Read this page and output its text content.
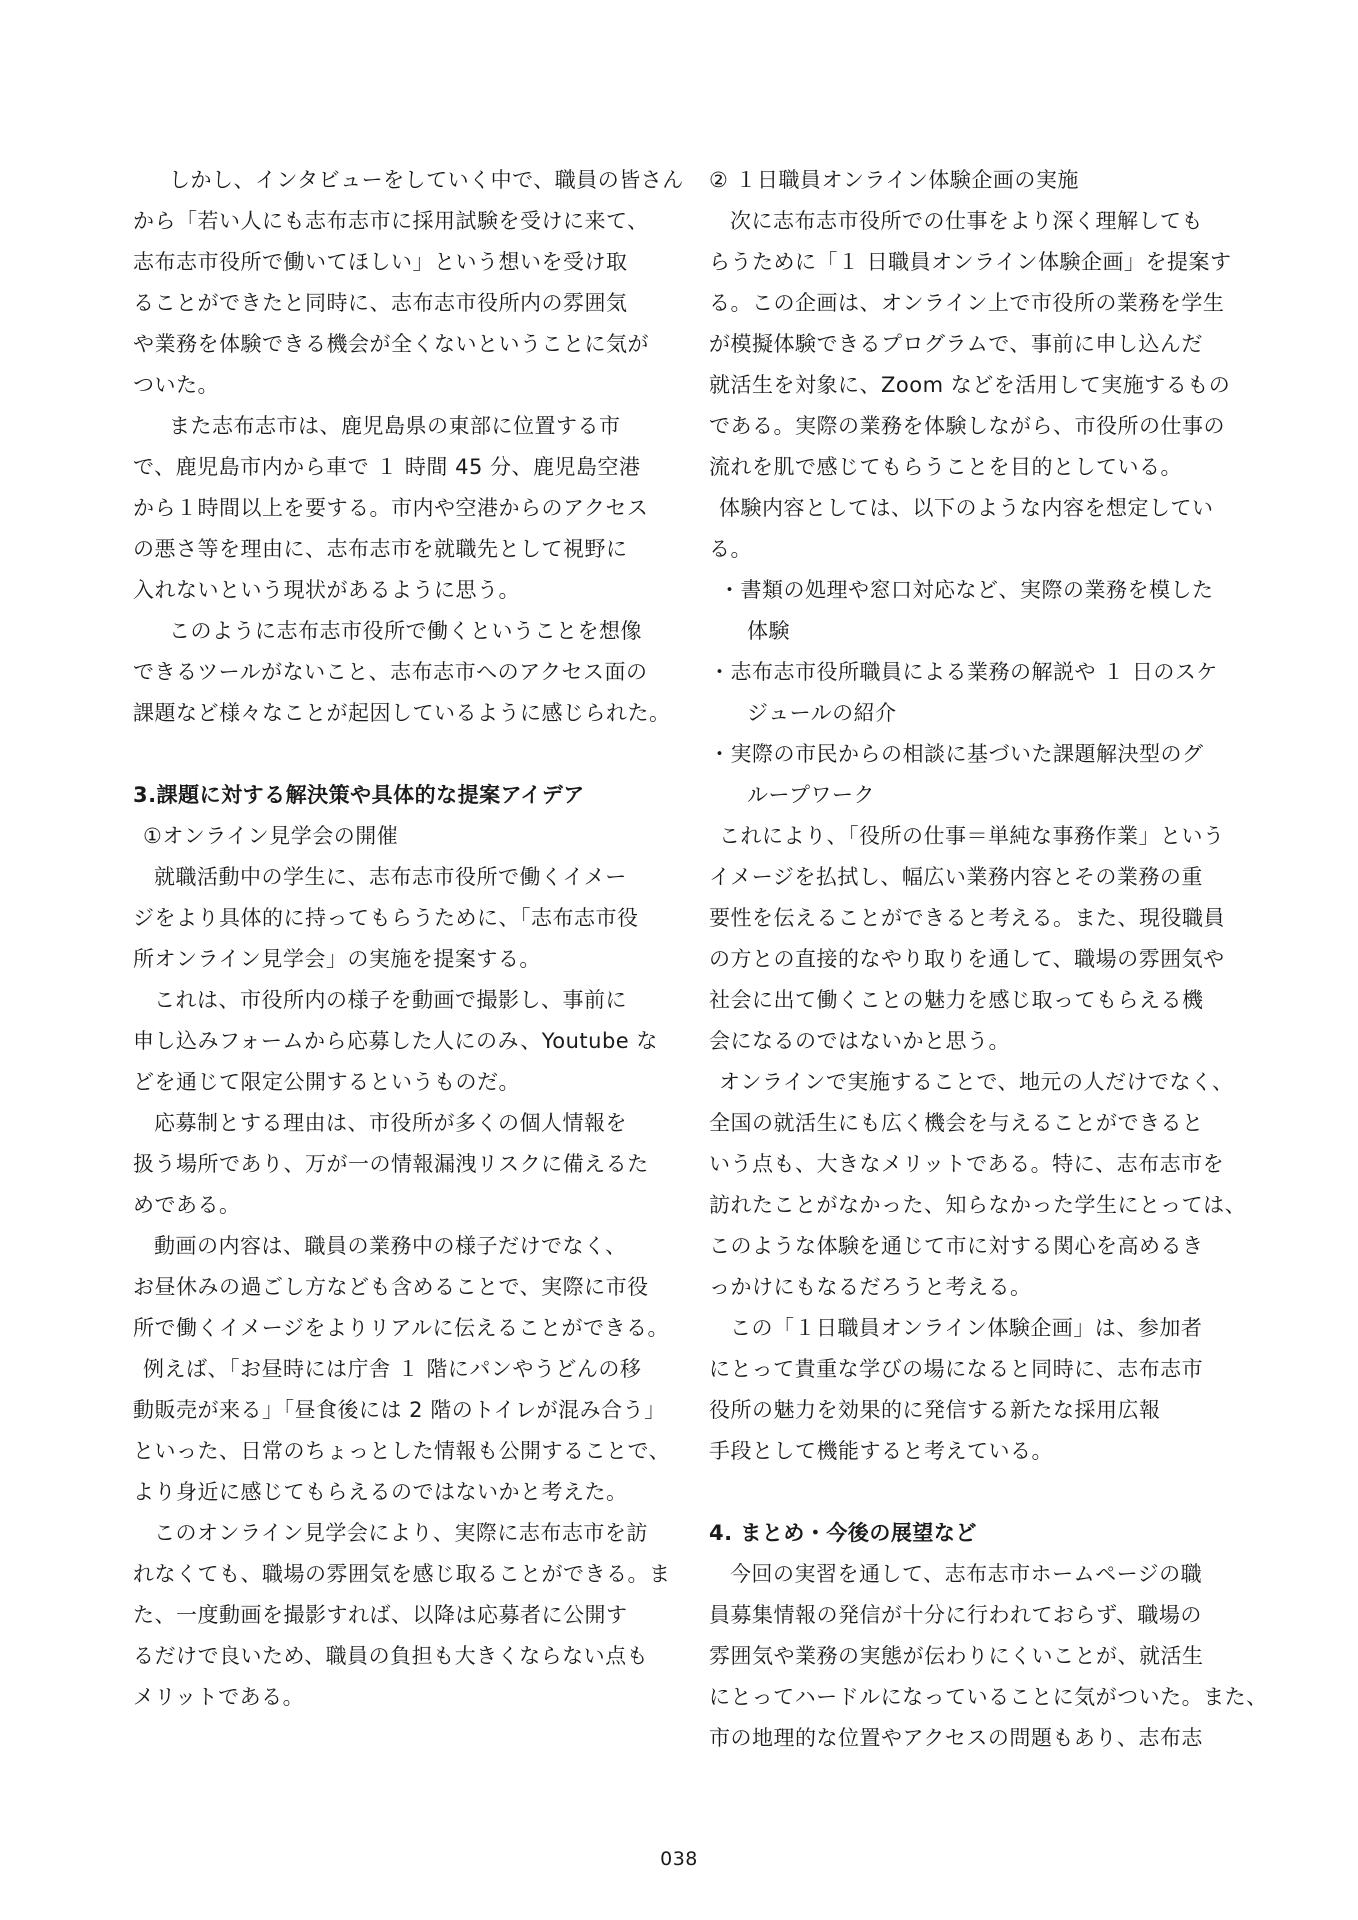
しかし、インタビューをしていく中で、職員の皆さん
から「若い人にも志布志市に採用試験を受けに来て、
志布志市役所で働いてほしい」という想いを受け取
ることができたと同時に、志布志市役所内の雰囲気
や業務を体験できる機会が全くないということに気が
ついた。
また志布志市は、鹿児島県の東部に位置する市
で、鹿児島市内から車で １ 時間 45 分、鹿児島空港
から１時間以上を要する。市内や空港からのアクセス
の悪さ等を理由に、志布志市を就職先として視野に
入れないという現状があるように思う。
このように志布志市役所で働くということを想像
できるツールがないこと、志布志市へのアクセス面の
課題など様々なことが起因しているように感じられた。
3.課題に対する解決策や具体的な提案アイデア
①オンライン見学会の開催
就職活動中の学生に、志布志市役所で働くイメー
ジをより具体的に持ってもらうために、「志布志市役
所オンライン見学会」の実施を提案する。
これは、市役所内の様子を動画で撮影し、事前に
申し込みフォームから応募した人にのみ、Youtube な
どを通じて限定公開するというものだ。
応募制とする理由は、市役所が多くの個人情報を
扱う場所であり、万が一の情報漏洩リスクに備えるた
めである。
動画の内容は、職員の業務中の様子だけでなく、
お昼休みの過ごし方なども含めることで、実際に市役
所で働くイメージをよりリアルに伝えることができる。
例えば、「お昼時には庁舎 １ 階にパンやうどんの移
動販売が来る」「昼食後には 2 階のトイレが混み合う」
といった、日常のちょっとした情報も公開することで、
より身近に感じてもらえるのではないかと考えた。
このオンライン見学会により、実際に志布志市を訪
れなくても、職場の雰囲気を感じ取ることができる。ま
た、一度動画を撮影すれば、以降は応募者に公開す
るだけで良いため、職員の負担も大きくならない点も
メリットである。
② １日職員オンライン体験企画の実施
次に志布志市役所での仕事をより深く理解しても
らうために「１ 日職員オンライン体験企画」を提案す
る。この企画は、オンライン上で市役所の業務を学生
が模擬体験できるプログラムで、事前に申し込んだ
就活生を対象に、Zoom などを活用して実施するもの
である。実際の業務を体験しながら、市役所の仕事の
流れを肌で感じてもらうことを目的としている。
体験内容としては、以下のような内容を想定してい
る。
・書類の処理や窓口対応など、実際の業務を模した
体験
・志布志市役所職員による業務の解説や １ 日のスケ
ジュールの紹介
・実際の市民からの相談に基づいた課題解決型のグ
ループワーク
これにより、「役所の仕事＝単純な事務作業」という
イメージを払拭し、幅広い業務内容とその業務の重
要性を伝えることができると考える。また、現役職員
の方との直接的なやり取りを通して、職場の雰囲気や
社会に出て働くことの魅力を感じ取ってもらえる機
会になるのではないかと思う。
オンラインで実施することで、地元の人だけでなく、
全国の就活生にも広く機会を与えることができると
いう点も、大きなメリットである。特に、志布志市を
訪れたことがなかった、知らなかった学生にとっては、
このような体験を通じて市に対する関心を高めるき
っかけにもなるだろうと考える。
この「１日職員オンライン体験企画」は、参加者
にとって貴重な学びの場になると同時に、志布志市
役所の魅力を効果的に発信する新たな採用広報
手段として機能すると考えている。
4. まとめ・今後の展望など
今回の実習を通して、志布志市ホームページの職
員募集情報の発信が十分に行われておらず、職場の
雰囲気や業務の実態が伝わりにくいことが、就活生
にとってハードルになっていることに気がついた。また、
市の地理的な位置やアクセスの問題もあり、志布志
038
